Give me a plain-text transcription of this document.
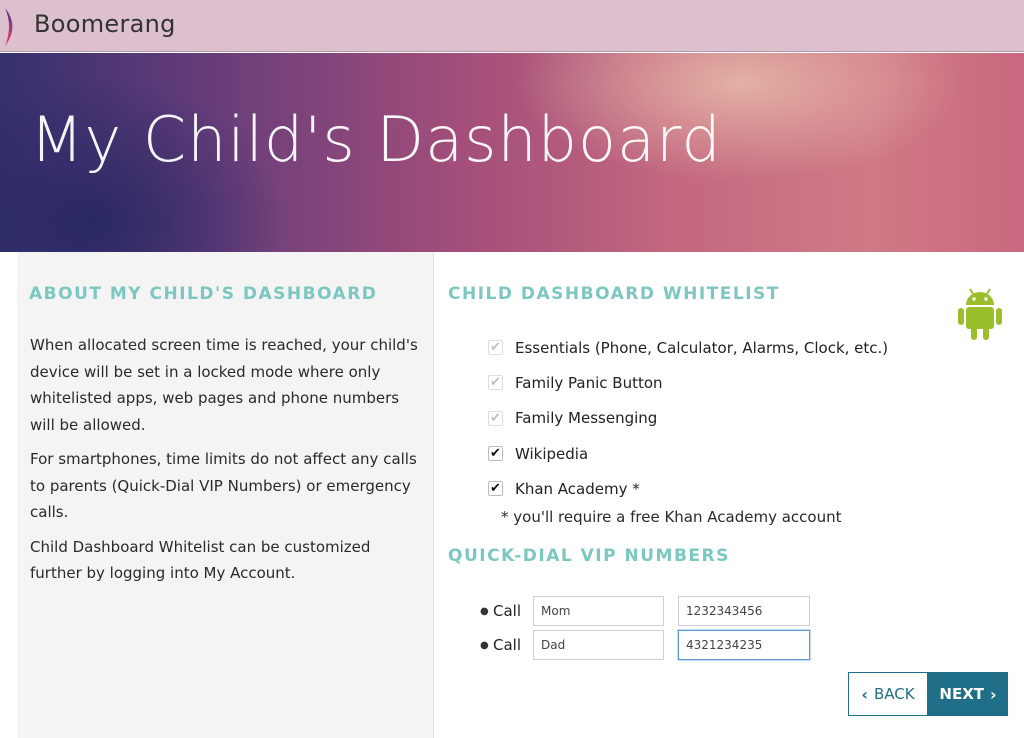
Boomerang
My Child's Dashboard
ABOUT MY CHILD'S DASHBOARD

When allocated screen time is reached, your child's device will be set in a locked mode where only whitelisted apps, web pages and phone numbers will be allowed.

For smartphones, time limits do not affect any calls to parents (Quick-Dial VIP Numbers) or emergency calls.

Child Dashboard Whitelist can be customized further by logging into My Account.

CHILD DASHBOARD WHITELIST
✔ Essentials (Phone, Calculator, Alarms, Clock, etc.)
✔ Family Panic Button
✔ Family Messenging
✔ Wikipedia
✔ Khan Academy *
* you'll require a free Khan Academy account
QUICK-DIAL VIP NUMBERS
● Call
Mom
1232343456
● Call
Dad
4321234235
‹ BACK NEXT ›
